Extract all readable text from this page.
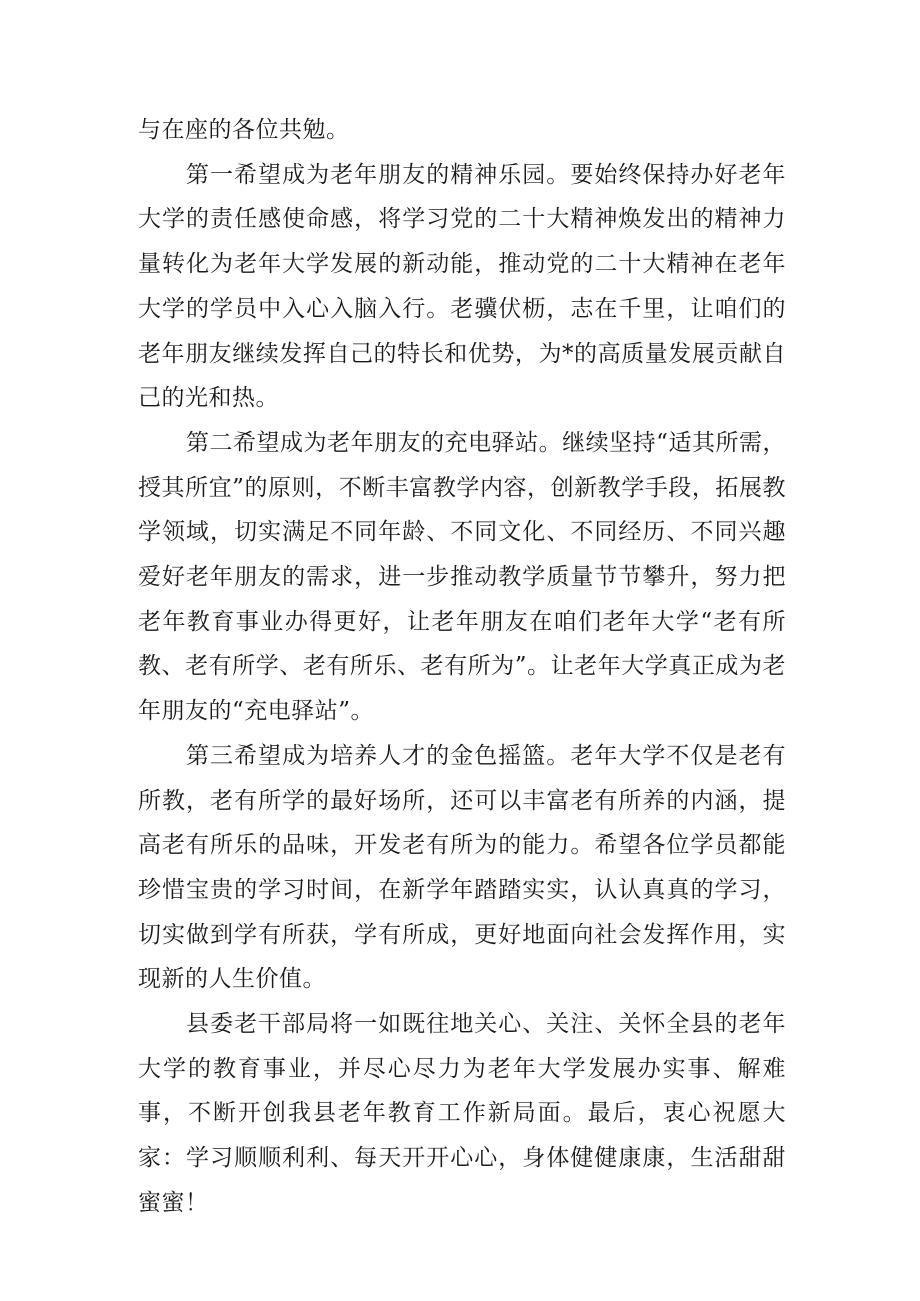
与在座的各位共勉。

第一希望成为老年朋友的精神乐园。要始终保持办好老年大学的责任感使命感，将学习党的二十大精神焕发出的精神力量转化为老年大学发展的新动能，推动党的二十大精神在老年大学的学员中入心入脑入行。老骥伏枥，志在千里，让咱们的老年朋友继续发挥自己的特长和优势，为*的高质量发展贡献自己的光和热。

第二希望成为老年朋友的充电驿站。继续坚持“适其所需，授其所宜”的原则，不断丰富教学内容，创新教学手段，拓展教学领域，切实满足不同年龄、不同文化、不同经历、不同兴趣爱好老年朋友的需求，进一步推动教学质量节节攀升，努力把老年教育事业办得更好，让老年朋友在咱们老年大学“老有所教、老有所学、老有所乐、老有所为”。让老年大学真正成为老年朋友的“充电驿站”。

第三希望成为培养人才的金色摇篮。老年大学不仅是老有所教，老有所学的最好场所，还可以丰富老有所养的内涵，提高老有所乐的品味，开发老有所为的能力。希望各位学员都能珍惜宝贵的学习时间，在新学年踏踏实实，认认真真的学习，切实做到学有所获，学有所成，更好地面向社会发挥作用，实现新的人生价值。

县委老干部局将一如既往地关心、关注、关怀全县的老年大学的教育事业，并尽心尽力为老年大学发展办实事、解难事，不断开创我县老年教育工作新局面。最后，衷心祝愿大家：学习顺顺利利、每天开开心心，身体健健康康，生活甜甜蜜蜜！
